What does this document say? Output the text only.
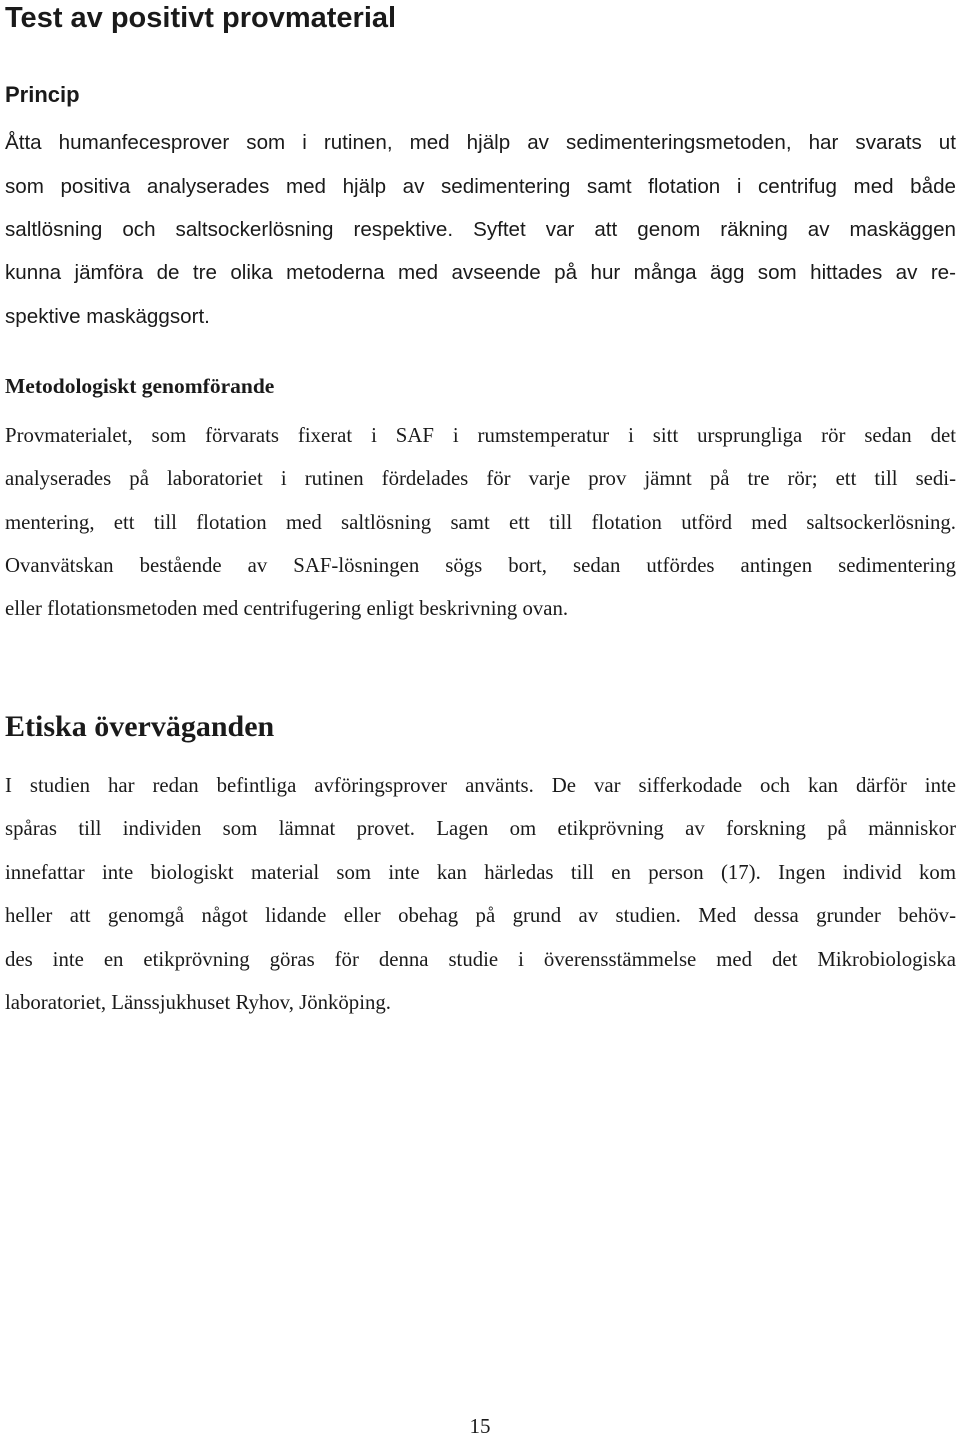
Test av positivt provmaterial
Princip

Åtta humanfecesprover som i rutinen, med hjälp av sedimenteringsmetoden, har svarats ut

som positiva analyserades med hjälp av sedimentering samt flotation i centrifug med både

saltlösning och saltsockerlösning respektive. Syftet var att genom räkning av maskäggen

kunna jämföra de tre olika metoderna med avseende på hur många ägg som hittades av re-

spektive maskäggsort.

Metodologiskt genomförande

Provmaterialet, som förvarats fixerat i SAF i rumstemperatur i sitt ursprungliga rör sedan det

analyserades på laboratoriet i rutinen fördelades för varje prov jämnt på tre rör; ett till sedi-

mentering, ett till flotation med saltlösning samt ett till flotation utförd med saltsockerlösning.

Ovanvätskan bestående av SAF-lösningen sögs bort, sedan utfördes antingen sedimentering

eller flotationsmetoden med centrifugering enligt beskrivning ovan.

Etiska överväganden

I studien har redan befintliga avföringsprover använts. De var sifferkodade och kan därför inte

spåras till individen som lämnat provet. Lagen om etikprövning av forskning på människor

innefattar inte biologiskt material som inte kan härledas till en person (17). Ingen individ kom

heller att genomgå något lidande eller obehag på grund av studien. Med dessa grunder behöv-

des inte en etikprövning göras för denna studie i överensstämmelse med det Mikrobiologiska

laboratoriet, Länssjukhuset Ryhov, Jönköping.

15
